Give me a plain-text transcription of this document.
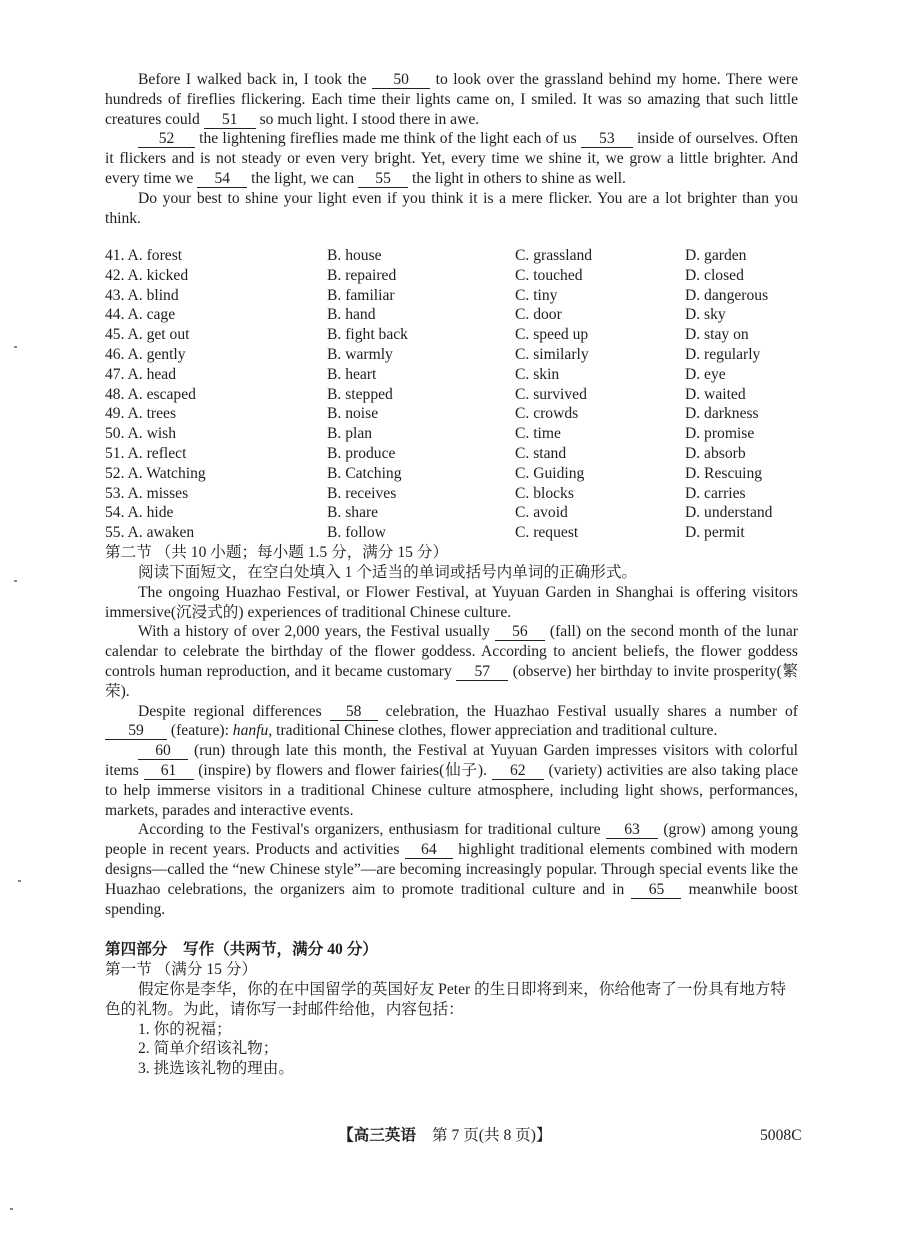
Before I walked back in, I took the 50 to look over the grassland behind my home. There were hundreds of fireflies flickering. Each time their lights came on, I smiled. It was so amazing that such little creatures could 51 so much light. I stood there in awe.

52 the lightening fireflies made me think of the light each of us 53 inside of ourselves. Often it flickers and is not steady or even very bright. Yet, every time we shine it, we grow a little brighter. And every time we 54 the light, we can 55 the light in others to shine as well.

Do your best to shine your light even if you think it is a mere flicker. You are a lot brighter than you think.

41. A. forest	B. house	C. grassland	D. garden
42. A. kicked	B. repaired	C. touched	D. closed
43. A. blind	B. familiar	C. tiny	D. dangerous
44. A. cage	B. hand	C. door	D. sky
45. A. get out	B. fight back	C. speed up	D. stay on
46. A. gently	B. warmly	C. similarly	D. regularly
47. A. head	B. heart	C. skin	D. eye
48. A. escaped	B. stepped	C. survived	D. waited
49. A. trees	B. noise	C. crowds	D. darkness
50. A. wish	B. plan	C. time	D. promise
51. A. reflect	B. produce	C. stand	D. absorb
52. A. Watching	B. Catching	C. Guiding	D. Rescuing
53. A. misses	B. receives	C. blocks	D. carries
54. A. hide	B. share	C. avoid	D. understand
55. A. awaken	B. follow	C. request	D. permit
第二节 （共 10 小题；每小题 1.5 分，满分 15 分）

阅读下面短文，在空白处填入 1 个适当的单词或括号内单词的正确形式。

The ongoing Huazhao Festival, or Flower Festival, at Yuyuan Garden in Shanghai is offering visitors immersive(沉浸式的) experiences of traditional Chinese culture.

With a history of over 2,000 years, the Festival usually 56 (fall) on the second month of the lunar calendar to celebrate the birthday of the flower goddess. According to ancient beliefs, the flower goddess controls human reproduction, and it became customary 57 (observe) her birthday to invite prosperity(繁荣).

Despite regional differences 58 celebration, the Huazhao Festival usually shares a number of 59 (feature): hanfu, traditional Chinese clothes, flower appreciation and traditional culture.

60 (run) through late this month, the Festival at Yuyuan Garden impresses visitors with colorful items 61 (inspire) by flowers and flower fairies(仙子). 62 (variety) activities are also taking place to help immerse visitors in a traditional Chinese culture atmosphere, including light shows, performances, markets, parades and interactive events.

According to the Festival's organizers, enthusiasm for traditional culture 63 (grow) among young people in recent years. Products and activities 64 highlight traditional elements combined with modern designs—called the “new Chinese style”—are becoming increasingly popular. Through special events like the Huazhao celebrations, the organizers aim to promote traditional culture and in 65 meanwhile boost spending.

第四部分　写作（共两节，满分 40 分）
第一节 （满分 15 分）

假定你是李华，你的在中国留学的英国好友 Peter 的生日即将到来，你给他寄了一份具有地方特色的礼物。为此，请你写一封邮件给他，内容包括：

1. 你的祝福；

2. 简单介绍该礼物；

3. 挑选该礼物的理由。

【高三英语 第 7 页(共 8 页)】	5008C
